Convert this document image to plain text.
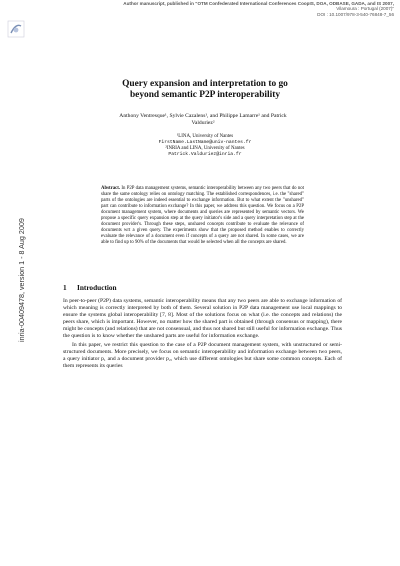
Author manuscript, published in "OTM Confederated International Conferences CoopIS, DOA, ODBASE, GADA, and IS 2007,
Vilamoura : Portugal (2007)"
DOI : 10.1007/978-3-540-76848-7_56
inria-00409478, version 1 - 8 Aug 2009
Query expansion and interpretation to go
beyond semantic P2P interoperability
Anthony Ventresque¹, Sylvie Cazalens¹, and Philippe Lamarre¹ and Patrick
Valduriez²
¹LINA, University of Nantes
FirstName.LastName@univ-nantes.fr
²INRIA and LINA, University of Nantes
Patrick.Valduriez@inria.fr
Abstract. In P2P data management systems, semantic interoperability between any two peers that do not share the same ontology relies on ontology matching. The established correspondences, i.e. the "shared" parts of the ontologies are indeed essential to exchange information. But to what extent the "unshared" part can contribute to information exchange? In this paper, we address this question. We focus on a P2P document management system, where documents and queries are represented by semantic vectors. We propose a specific query expansion step at the query initiator's side and a query interpretation step at the document provider's. Through these steps, unshared concepts contribute to evaluate the relevance of documents wrt a given query. The experiments show that the proposed method enables to correctly evaluate the relevance of a document even if concepts of a query are not shared. In some cases, we are able to find up to 90% of the documents that would be selected when all the concepts are shared.
1 Introduction

In peer-to-peer (P2P) data systems, semantic interoperability means that any two peers are able to exchange information of which meaning is correctly interpreted by both of them. Several solution in P2P data management use local mappings to ensure the systems global interoperability [7, 8]. Most of the solutions focus on what (i.e. the concepts and relations) the peers share, which is important. However, no matter how the shared part is obtained (through consensus or mapping), there might be concepts (and relations) that are not consensual, and thus not shared but still useful for information exchange. Thus the question is to know whether the unshared parts are useful for information exchange.

In this paper, we restrict this question to the case of a P2P document management system, with unstructured or semi-structured documents. More precisely, we focus on semantic interoperability and information exchange between two peers, a query initiator p₁ and a document provider p₂, which use different ontologies but share some common concepts. Each of them represents its queries
